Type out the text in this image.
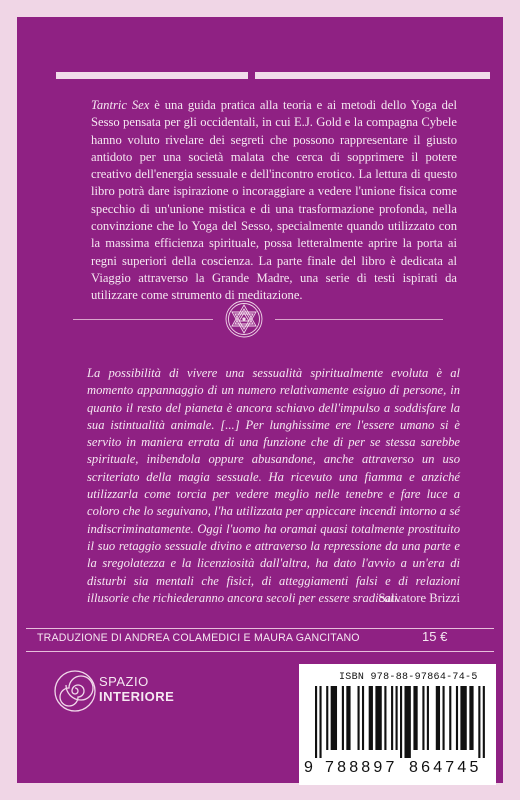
Tantric Sex è una guida pratica alla teoria e ai metodi dello Yoga del Sesso pensata per gli occidentali, in cui E.J. Gold e la compagna Cybele hanno voluto rivelare dei segreti che possono rappresentare il giusto antidoto per una società malata che cerca di sopprimere il potere creativo dell'energia sessuale e dell'incontro erotico. La lettura di questo libro potrà dare ispirazione o incoraggiare a vedere l'unione fisica come specchio di un'unione mistica e di una trasformazione profonda, nella convinzione che lo Yoga del Sesso, specialmente quando utilizzato con la massima efficienza spirituale, possa letteralmente aprire la porta ai regni superiori della coscienza. La parte finale del libro è dedicata al Viaggio attraverso la Grande Madre, una serie di testi ispirati da utilizzare come strumento di meditazione.

La possibilità di vivere una sessualità spiritualmente evoluta è al momento appannaggio di un numero relativamente esiguo di persone, in quanto il resto del pianeta è ancora schiavo dell'impulso a soddisfare la sua istintualità animale. [...] Per lunghissime ere l'essere umano si è servito in maniera errata di una funzione che di per se stessa sarebbe spirituale, inibendola oppure abusandone, anche attraverso un uso scriteriato della magia sessuale. Ha ricevuto una fiamma e anziché utilizzarla come torcia per vedere meglio nelle tenebre e fare luce a coloro che lo seguivano, l'ha utilizzata per appiccare incendi intorno a sé indiscriminatamente. Oggi l'uomo ha oramai quasi totalmente prostituito il suo retaggio sessuale divino e attraverso la repressione da una parte e la sregolatezza e la licenziosità dall'altra, ha dato l'avvio a un'era di disturbi sia mentali che fisici, di atteggiamenti falsi e di relazioni illusorie che richiederanno ancora secoli per essere sradicati.

Salvatore Brizzi
TRADUZIONE DI ANDREA COLAMEDICI E MAURA GANCITANO	15 €
SPAZIO
INTERIORE
ISBN 978-88-97864-74-5
9 788897 864745
